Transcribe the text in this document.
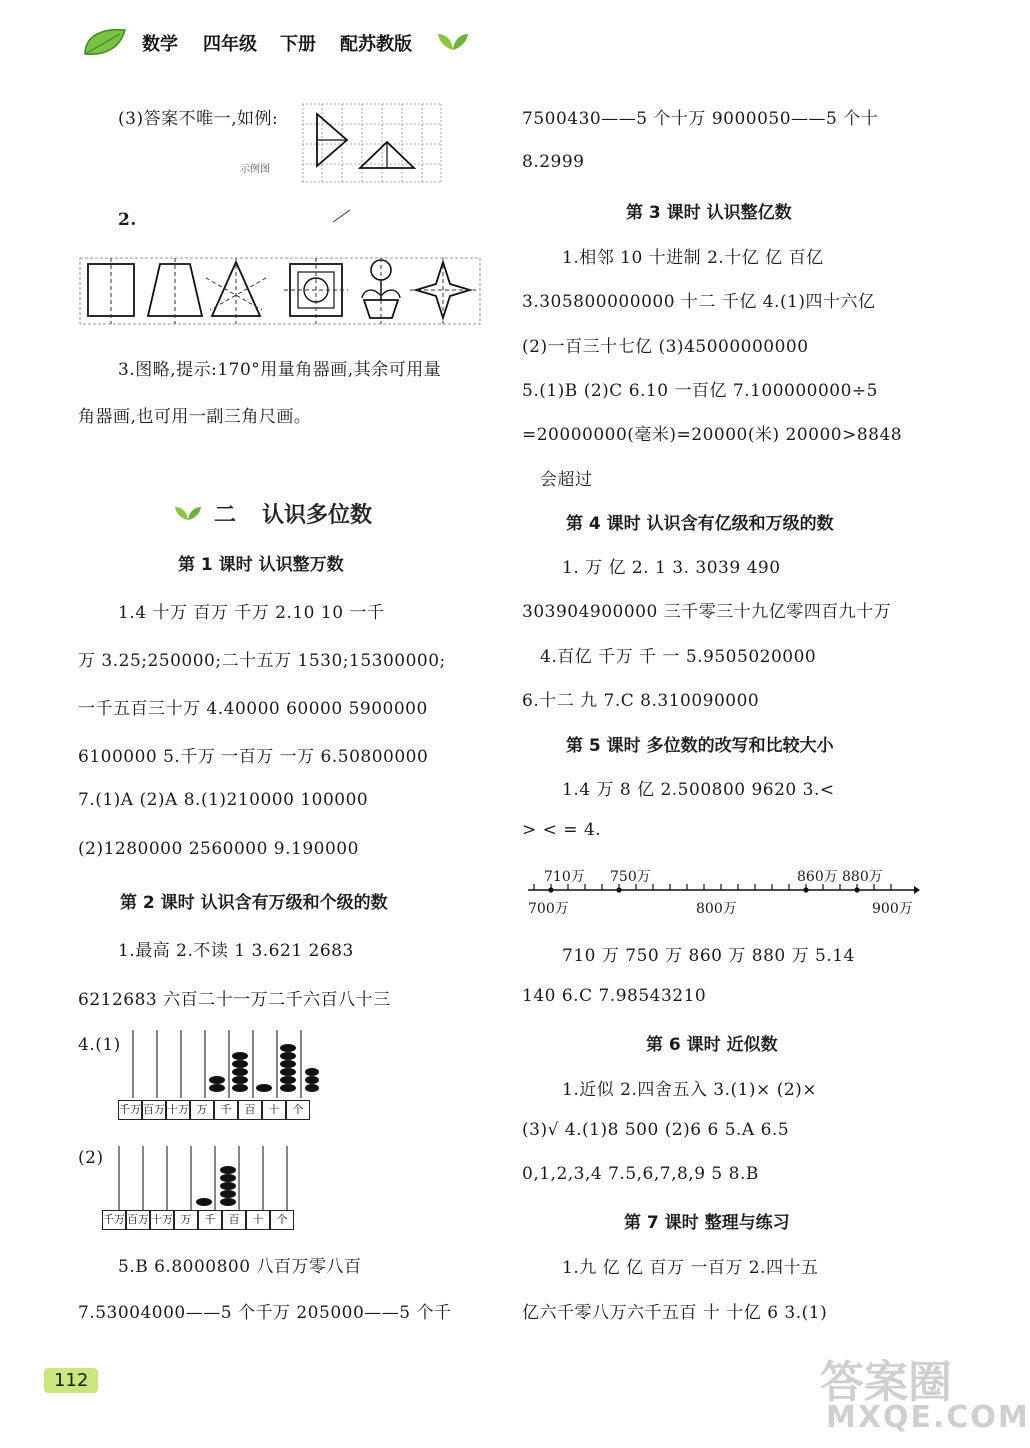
数学 四年级 下册 配苏教版
(3)答案不唯一,如例:
示例图
2.
3.图略,提示:170°用量角器画,其余可用量
角器画,也可用一副三角尺画。
二 认识多位数
第 1 课时 认识整万数
1.4 十万 百万 千万 2.10 10 一千
万 3.25;250000;二十五万 1530;15300000;
一千五百三十万 4.40000 60000 5900000
6100000 5.千万 一百万 一万 6.50800000
7.(1)A (2)A 8.(1)210000 100000
(2)1280000 2560000 9.190000
第 2 课时 认识含有万级和个级的数
1.最高 2.不读 1 3.621 2683
6212683 六百二十一万二千六百八十三
4.(1)
千万 百万 十万 万 千 百 十 个
(2)
千万 百万 十万 万 千 百 十 个
5.B 6.8000800 八百万零八百
7.53004000——5 个千万 205000——5 个千
7500430——5 个十万 9000050——5 个十
8.2999
第 3 课时 认识整亿数
1.相邻 10 十进制 2.十亿 亿 百亿
3.305800000000 十二 千亿 4.(1)四十六亿
(2)一百三十七亿 (3)45000000000
5.(1)B (2)C 6.10 一百亿 7.100000000÷5
=20000000(毫米)=20000(米) 20000>8848
会超过
第 4 课时 认识含有亿级和万级的数
1. 万 亿 2. 1 3. 3039 490
303904900000 三千零三十九亿零四百九十万
4.百亿 千万 千 一 5.9505020000
6.十二 九 7.C 8.310090000
第 5 课时 多位数的改写和比较大小
1.4 万 8 亿 2.500800 9620 3.<
> < = 4.
710万 750万	860万 880万
700万	800万	900万
710 万 750 万 860 万 880 万 5.14
140 6.C 7.98543210
第 6 课时 近似数
1.近似 2.四舍五入 3.(1)× (2)×
(3)√ 4.(1)8 500 (2)6 6 5.A 6.5
0,1,2,3,4 7.5,6,7,8,9 5 8.B
第 7 课时 整理与练习
1.九 亿 亿 百万 一百万 2.四十五
亿六千零八万六千五百 十 十亿 6 3.(1)
112	答案圈
MXQE.COM
